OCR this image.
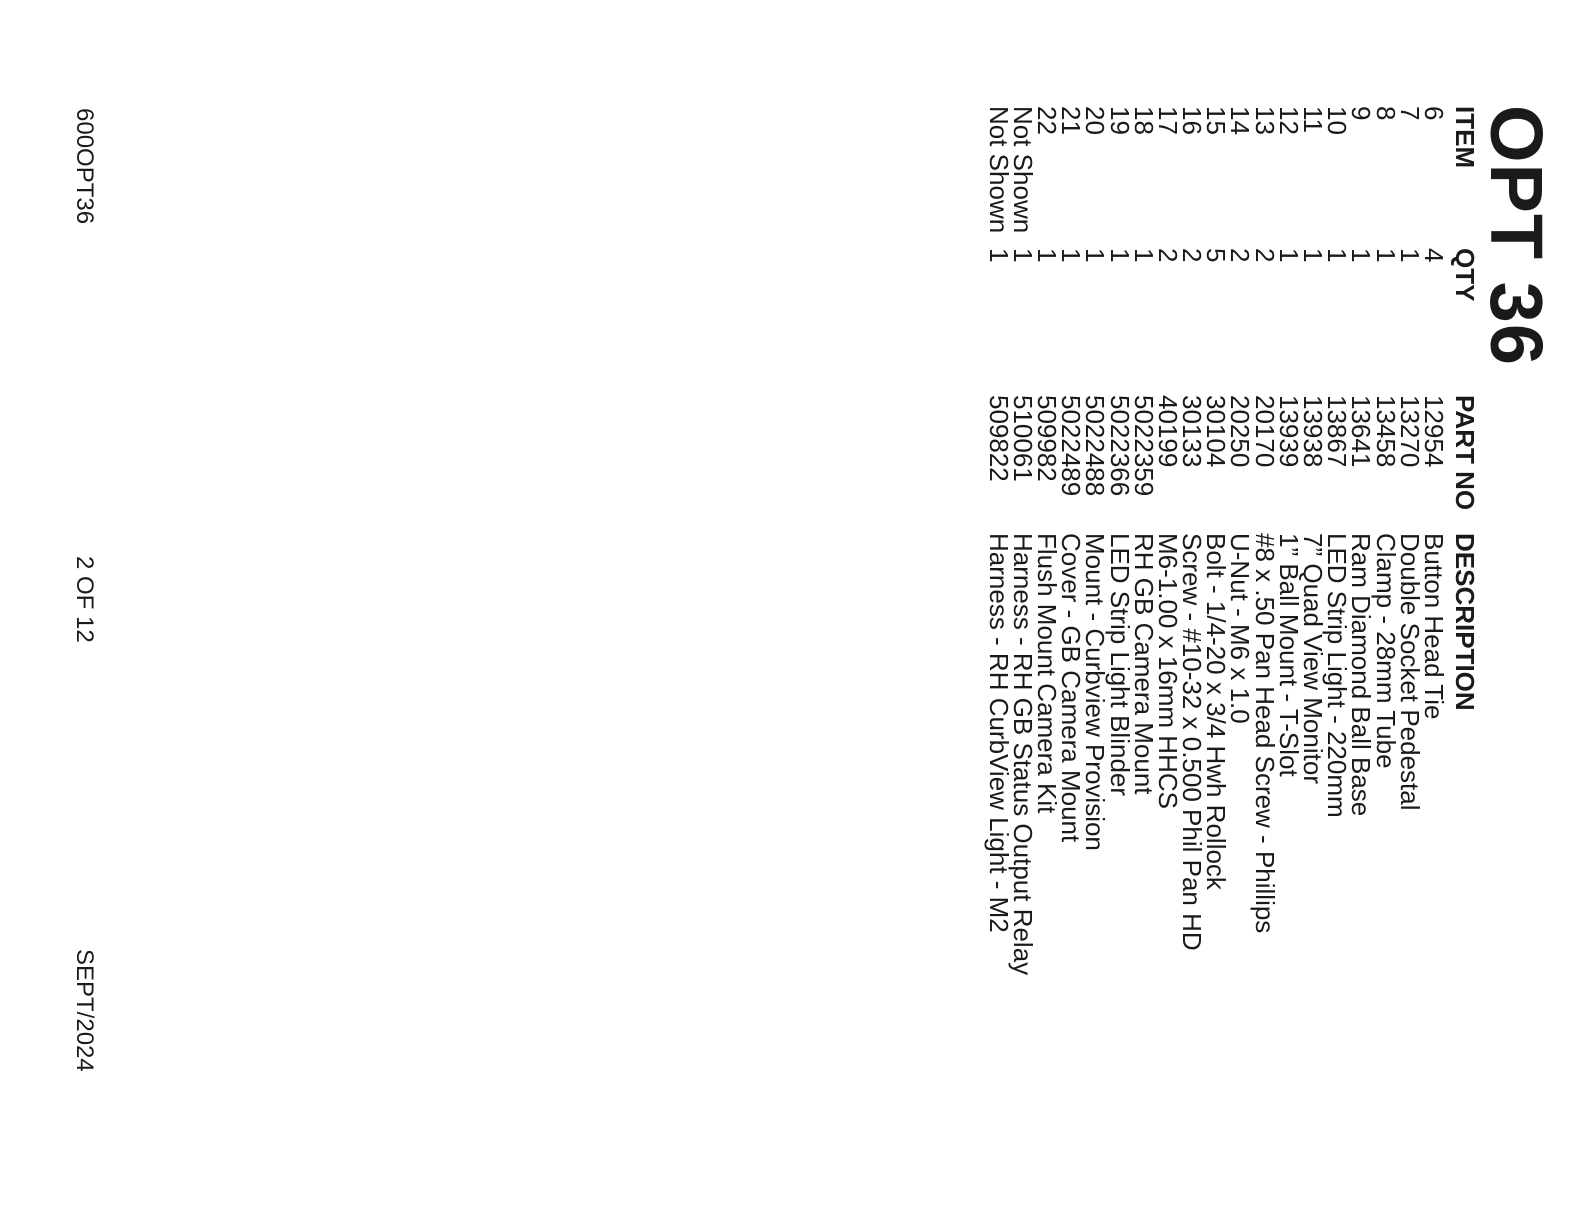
OPT 36
ITEM
6
7
8
9
10
11
12
13
14
15
16
17
18
19
20
21
22
Not Shown
Not Shown
QTY
4
1
1
1
1
1
1
2
2
5
2
2
1
1
1
1
1
1
1
PART NO
12954
13270
13458
13641
13867
13938
13939
20170
20250
30104
30133
40199
5022359
5022366
5022488
5022489
509982
510061
509822
DESCRIPTION
Button Head Tie
Double Socket Pedestal
Clamp - 28mm Tube
Ram Diamond Ball Base
LED Strip Light - 220mm
7” Quad View Monitor
1” Ball Mount - T-Slot
#8 x .50 Pan Head Screw - Phillips
U-Nut - M6 x 1.0
Bolt - 1/4-20 x 3/4 Hwh Rollock
Screw - #10-32 x 0.500 Phil Pan HD
M6-1.00 x 16mm HHCS
RH GB Camera Mount
LED Strip Light Blinder
Mount - Curbview Provision
Cover - GB Camera Mount
Flush Mount Camera Kit
Harness - RH GB Status Output Relay
Harness - RH CurbView Light - M2
600OPT36
2 OF 12
SEPT/2024
